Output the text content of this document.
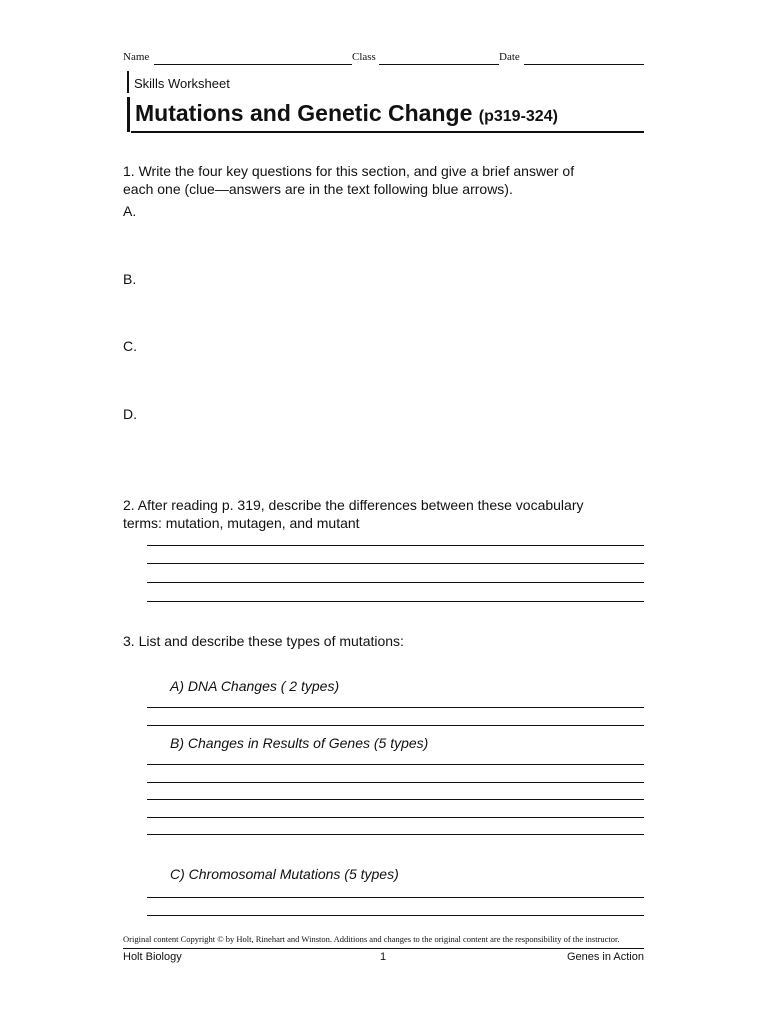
Name	Class	Date
Skills Worksheet
Mutations and Genetic Change (p319-324)
1. Write the four key questions for this section, and give a brief answer of
each one (clue—answers are in the text following blue arrows).
A.
B.
C.
D.
2. After reading p. 319, describe the differences between these vocabulary
terms: mutation, mutagen, and mutant
3. List and describe these types of mutations:
A) DNA Changes ( 2 types)
B) Changes in Results of Genes (5 types)
C) Chromosomal Mutations (5 types)
Original content Copyright © by Holt, Rinehart and Winston. Additions and changes to the original content are the responsibility of the instructor.
Holt Biology	1	Genes in Action
